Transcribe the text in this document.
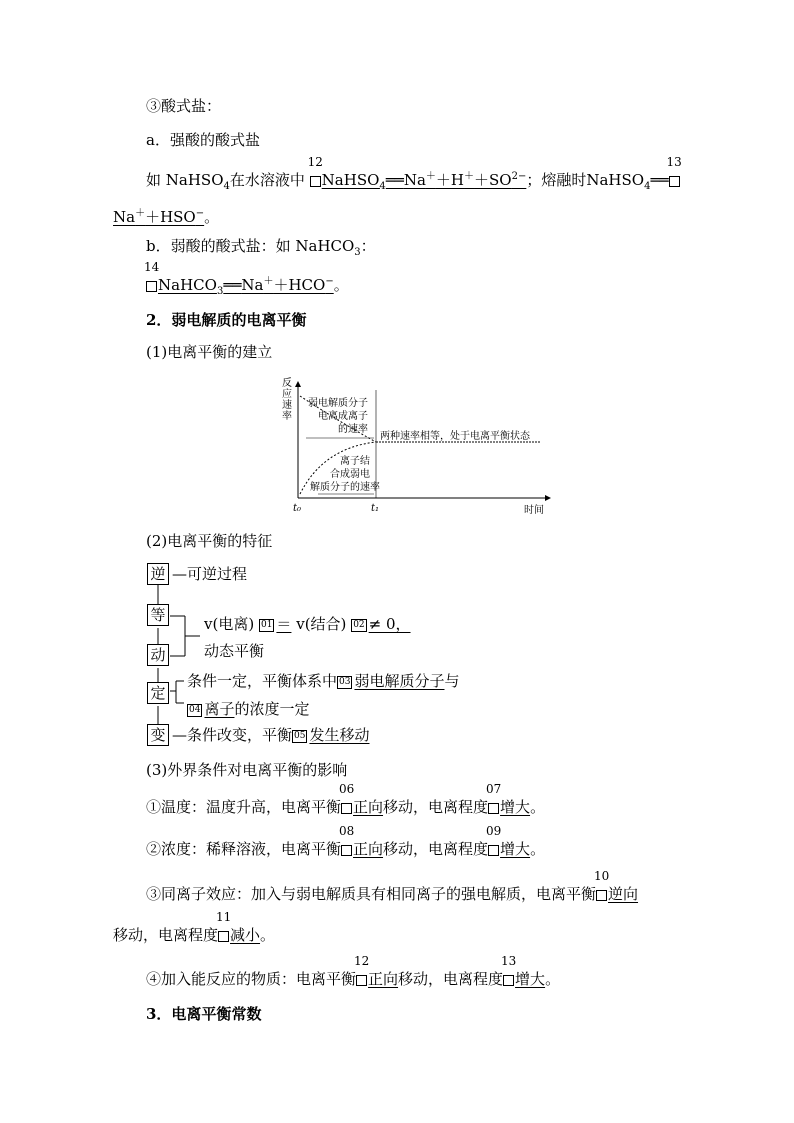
③酸式盐：
a．强酸的酸式盐
如 NaHSO$_4$在水溶液中
12
$NaHSO_4══Na^++H^++SO^{2-}$；熔融时NaHSO$_4$══
13
Na＋＋HSO−。
b．弱酸的酸式盐：如 NaHCO$_3$：
14
NaHCO$_3$══Na＋＋HCO−。
2．弱电解质的电离平衡
(1)电离平衡的建立
反
应
速
率
弱电解质分子
电离成离子
的速率
离子结
合成弱电
解质分子的速率
两种速率相等，处于电离平衡状态
t₀	t₁	时间
(2)电离平衡的特征
逆 —可逆过程
等	v(电离) 01 ＝ v(结合) 02 ≠ 0，
动	动态平衡
定
条件一定，平衡体系中 03 弱电解质分子与
04 离子的浓度一定
变 —条件改变，平衡 05 发生移动
(3)外界条件对电离平衡的影响
①温度：温度升高，电离平衡
06
正向移动，电离程度
07
增大。
②浓度：稀释溶液，电离平衡
08
正向移动，电离程度
09
增大。
③同离子效应：加入与弱电解质具有相同离子的强电解质，电离平衡
10
逆向
移动，电离程度
11
减小。
④加入能反应的物质：电离平衡
12
正向移动，电离程度
13
增大。
3．电离平衡常数
